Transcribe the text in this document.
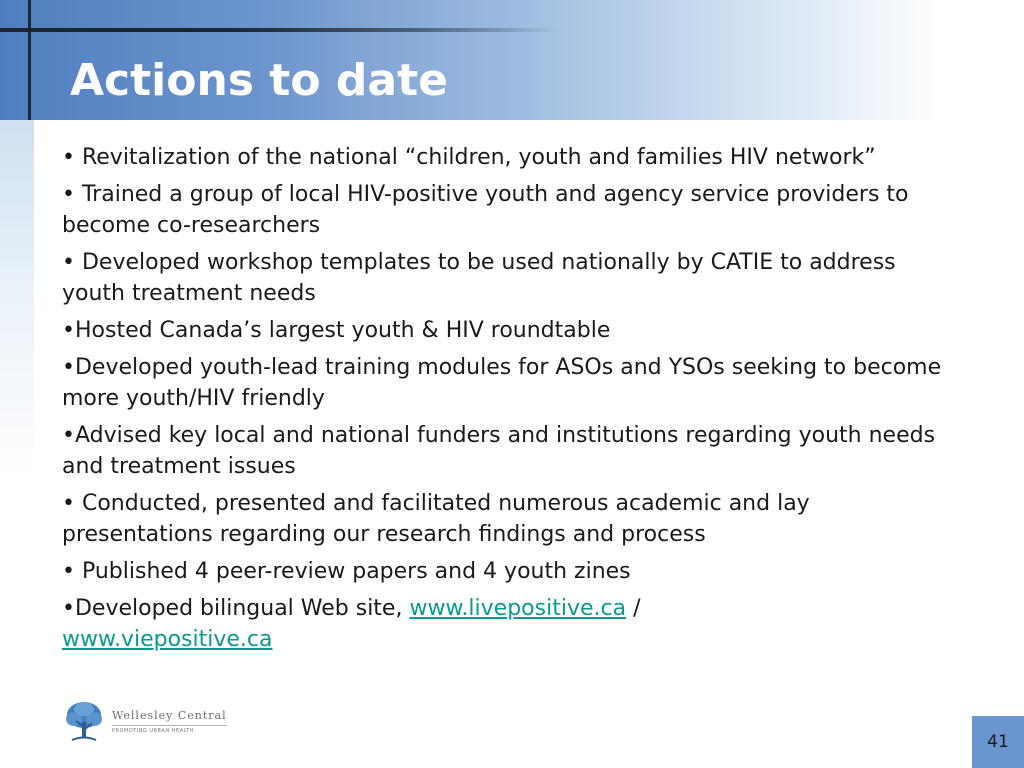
Actions to date
• Revitalization of the national “children, youth and families HIV network”
• Trained a group of local HIV-positive youth and agency service providers to become co-researchers
• Developed workshop templates to be used nationally by CATIE to address youth treatment needs
•Hosted Canada’s largest youth & HIV roundtable
•Developed youth-lead training modules for ASOs and YSOs seeking to become more youth/HIV friendly
•Advised key local and national funders and institutions regarding youth needs and treatment issues
• Conducted, presented and facilitated numerous academic and lay presentations regarding our research findings and process
• Published 4 peer-review papers and 4 youth zines
•Developed bilingual Web site, www.livepositive.ca /
www.viepositive.ca
Wellesley Central
PROMOTING URBAN HEALTH
41
